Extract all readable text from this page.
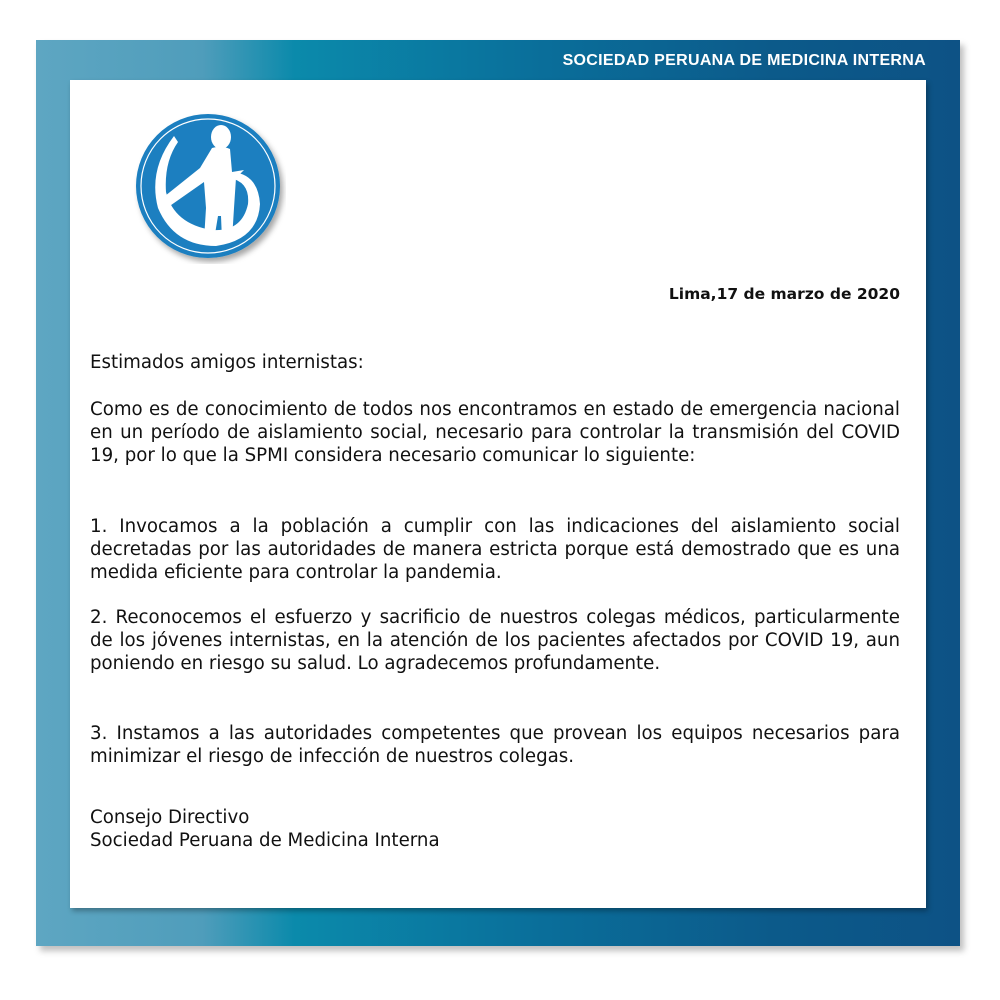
SOCIEDAD PERUANA DE MEDICINA INTERNA
Lima,17 de marzo de 2020
Estimados amigos internistas:
Como es de conocimiento de todos nos encontramos en estado de emergencia nacional en un período de aislamiento social, necesario para controlar la transmisión del COVID 19, por lo que la SPMI considera necesario comunicar lo siguiente:
1. Invocamos a la población a cumplir con las indicaciones del aislamiento social decretadas por las autoridades de manera estricta porque está demostrado que es una medida eficiente para controlar la pandemia.
2. Reconocemos el esfuerzo y sacrificio de nuestros colegas médicos, particularmente de los jóvenes internistas, en la atención de los pacientes afectados por COVID 19, aun poniendo en riesgo su salud. Lo agradecemos profundamente.
3. Instamos a las autoridades competentes que provean los equipos necesarios para minimizar el riesgo de infección de nuestros colegas.
Consejo Directivo
Sociedad Peruana de Medicina Interna
